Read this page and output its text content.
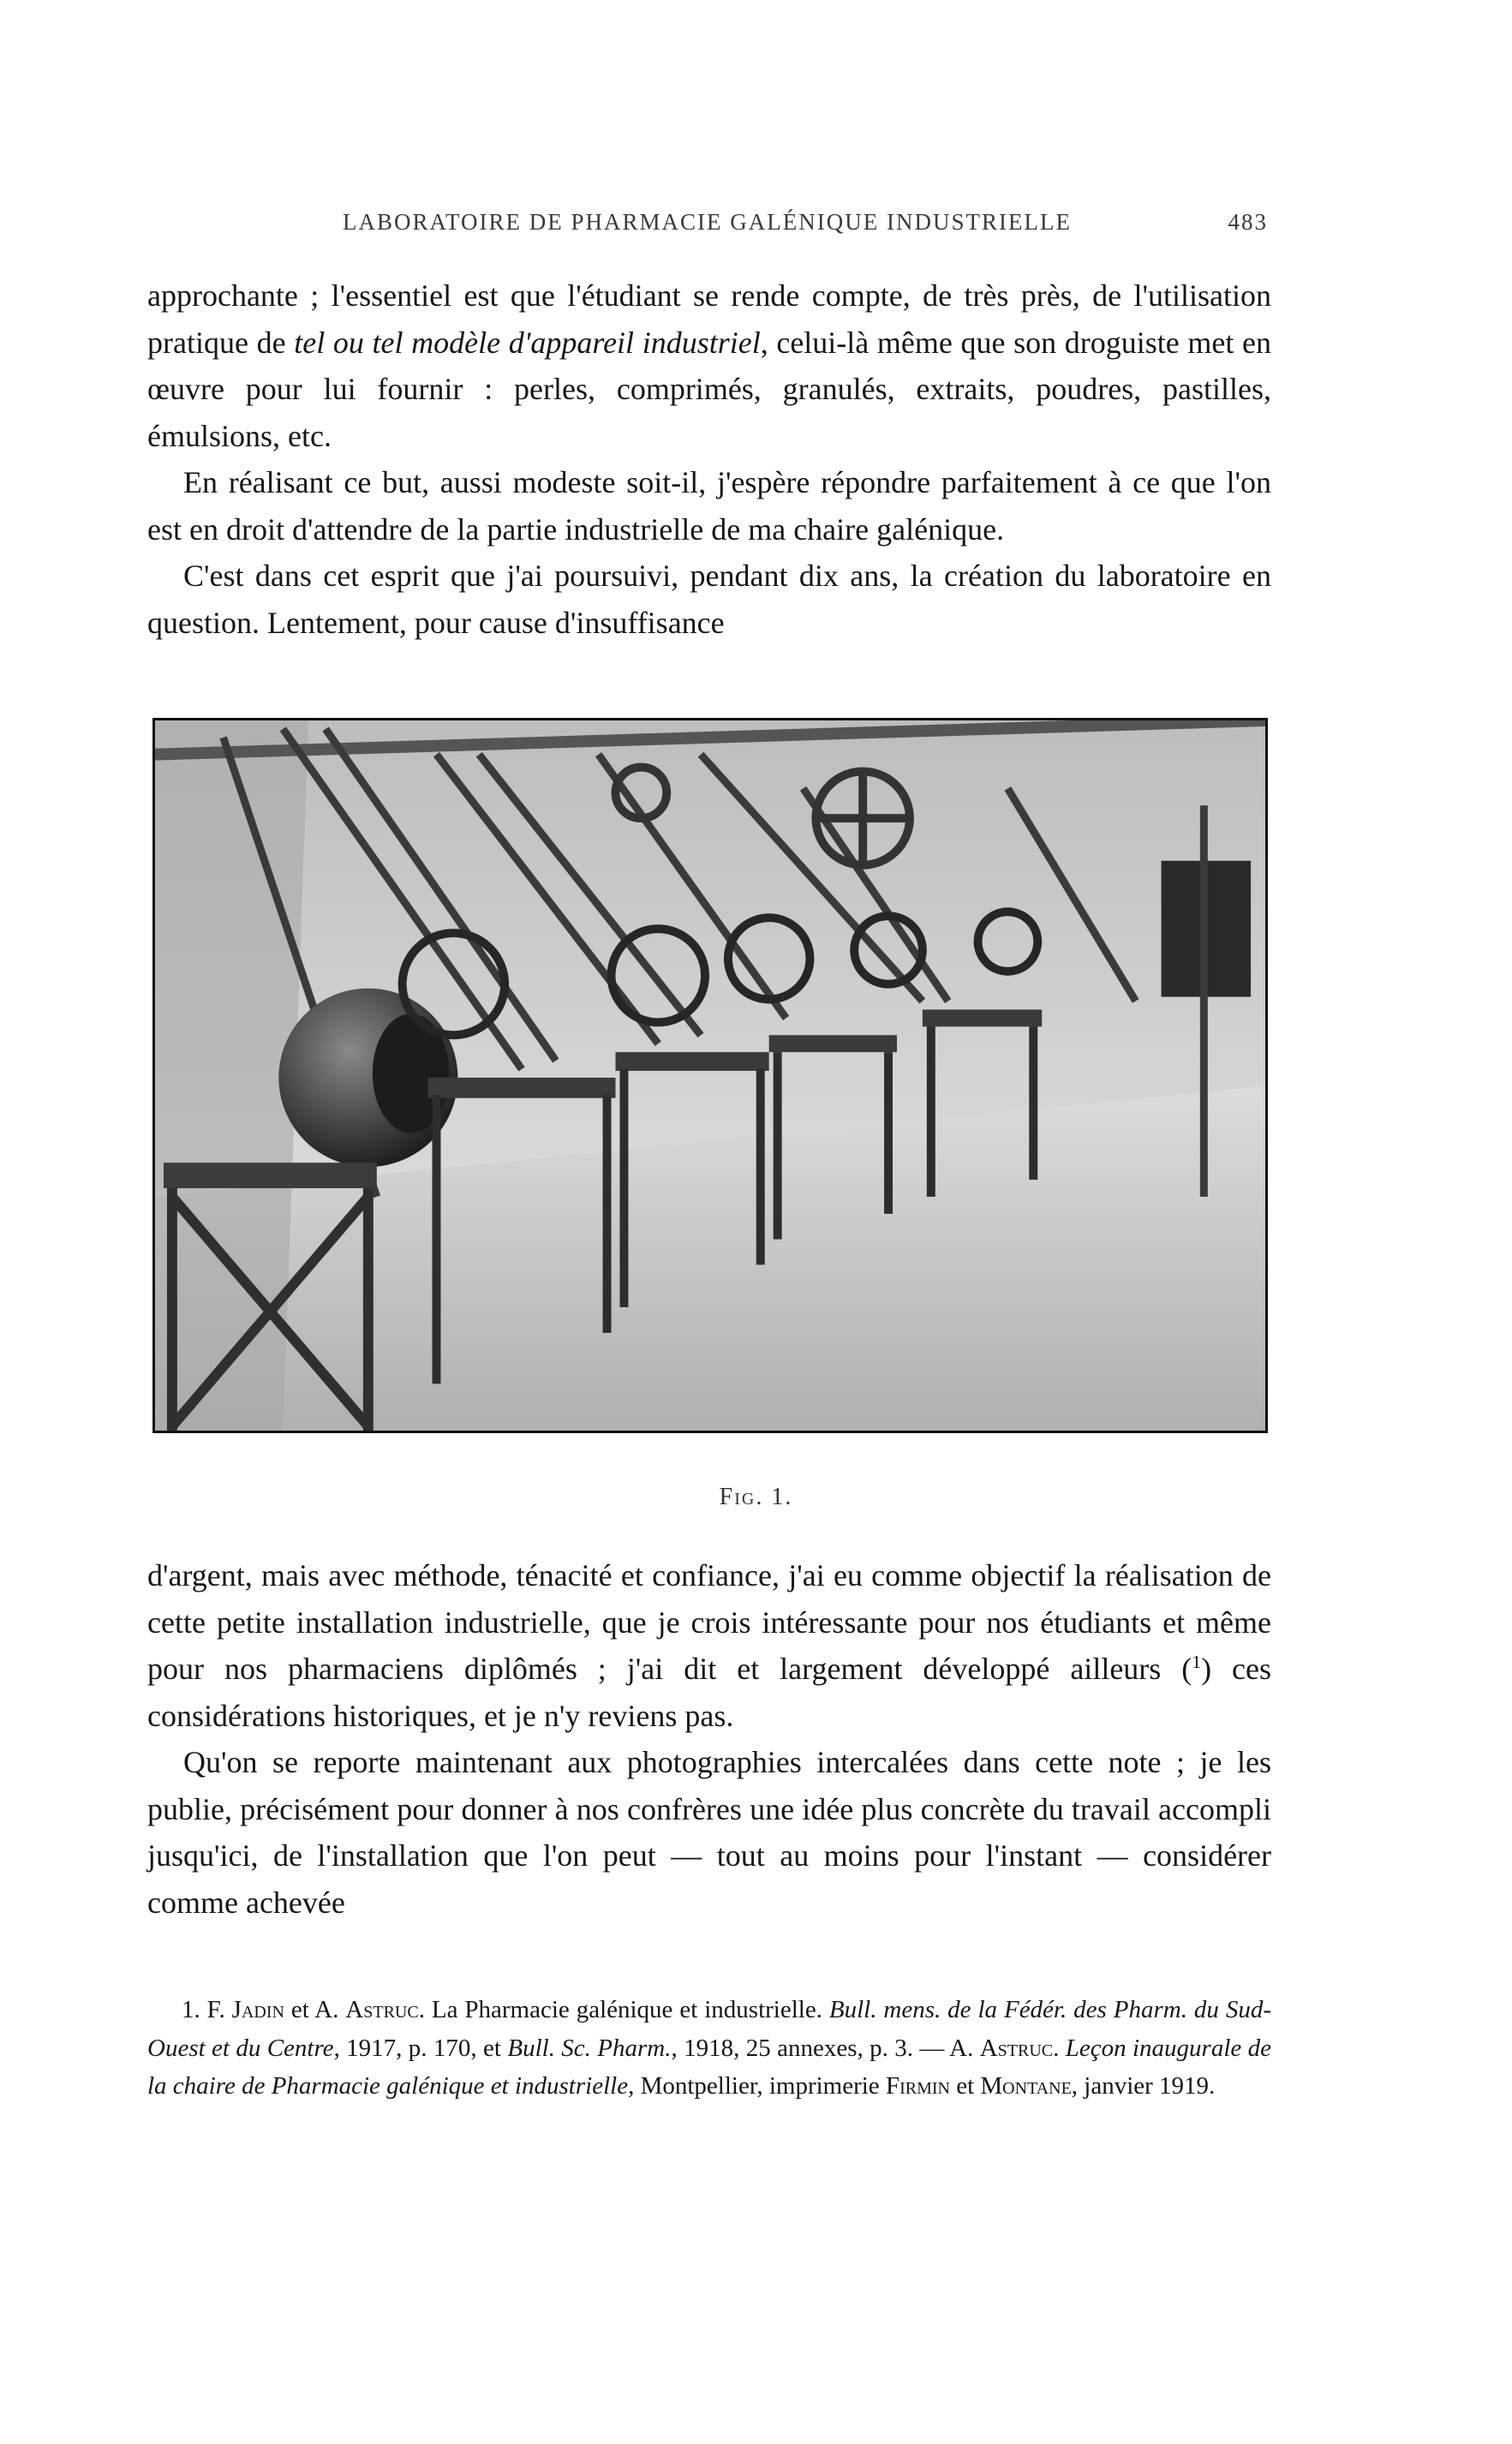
LABORATOIRE DE PHARMACIE GALÉNIQUE INDUSTRIELLE	483

approchante ; l'essentiel est que l'étudiant se rende compte, de très près, de l'utilisation pratique de tel ou tel modèle d'appareil industriel, celui-là même que son droguiste met en œuvre pour lui fournir : perles, comprimés, granulés, extraits, poudres, pastilles, émulsions, etc.

En réalisant ce but, aussi modeste soit-il, j'espère répondre parfaitement à ce que l'on est en droit d'attendre de la partie industrielle de ma chaire galénique.

C'est dans cet esprit que j'ai poursuivi, pendant dix ans, la création du laboratoire en question. Lentement, pour cause d'insuffisance

Fig. 1.

d'argent, mais avec méthode, ténacité et confiance, j'ai eu comme objectif la réalisation de cette petite installation industrielle, que je crois intéressante pour nos étudiants et même pour nos pharmaciens diplômés ; j'ai dit et largement développé ailleurs ($^1$) ces considérations historiques, et je n'y reviens pas.

Qu'on se reporte maintenant aux photographies intercalées dans cette note ; je les publie, précisément pour donner à nos confrères une idée plus concrète du travail accompli jusqu'ici, de l'installation que l'on peut — tout au moins pour l'instant — considérer comme achevée

1. F. Jadin et A. Astruc. La Pharmacie galénique et industrielle. Bull. mens. de la Fédér. des Pharm. du Sud-Ouest et du Centre, 1917, p. 170, et Bull. Sc. Pharm., 1918, 25 annexes, p. 3. — A. Astruc. Leçon inaugurale de la chaire de Pharmacie galénique et industrielle, Montpellier, imprimerie Firmin et Montane, janvier 1919.
